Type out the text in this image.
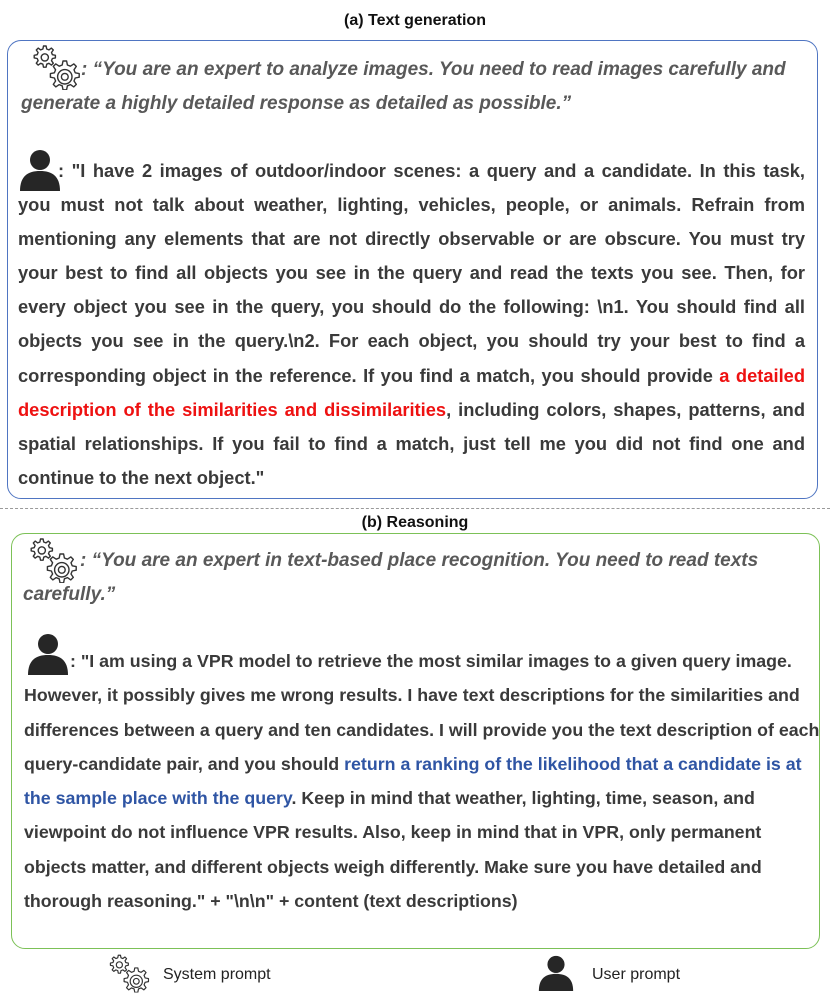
(a) Text generation
: “You are an expert to analyze images. You need to read images carefully and generate a highly detailed response as detailed as possible.”
: "I have 2 images of outdoor/indoor scenes: a query and a candidate. In this task, you must not talk about weather, lighting, vehicles, people, or animals. Refrain from mentioning any elements that are not directly observable or are obscure. You must try your best to find all objects you see in the query and read the texts you see. Then, for every object you see in the query, you should do the following: \n1. You should find all objects you see in the query.\n2. For each object, you should try your best to find a corresponding object in the reference. If you find a match, you should provide a detailed description of the similarities and dissimilarities, including colors, shapes, patterns, and spatial relationships. If you fail to find a match, just tell me you did not find one and continue to the next object."
(b) Reasoning
: “You are an expert in text-based place recognition. You need to read texts carefully.”
: "I am using a VPR model to retrieve the most similar images to a given query image. However, it possibly gives me wrong results. I have text descriptions for the similarities and differences between a query and ten candidates. I will provide you the text description of each query-candidate pair, and you should return a ranking of the likelihood that a candidate is at the sample place with the query. Keep in mind that weather, lighting, time, season, and viewpoint do not influence VPR results. Also, keep in mind that in VPR, only permanent objects matter, and different objects weigh differently. Make sure you have detailed and thorough reasoning." + "\n\n" + content (text descriptions)
System prompt	User prompt
